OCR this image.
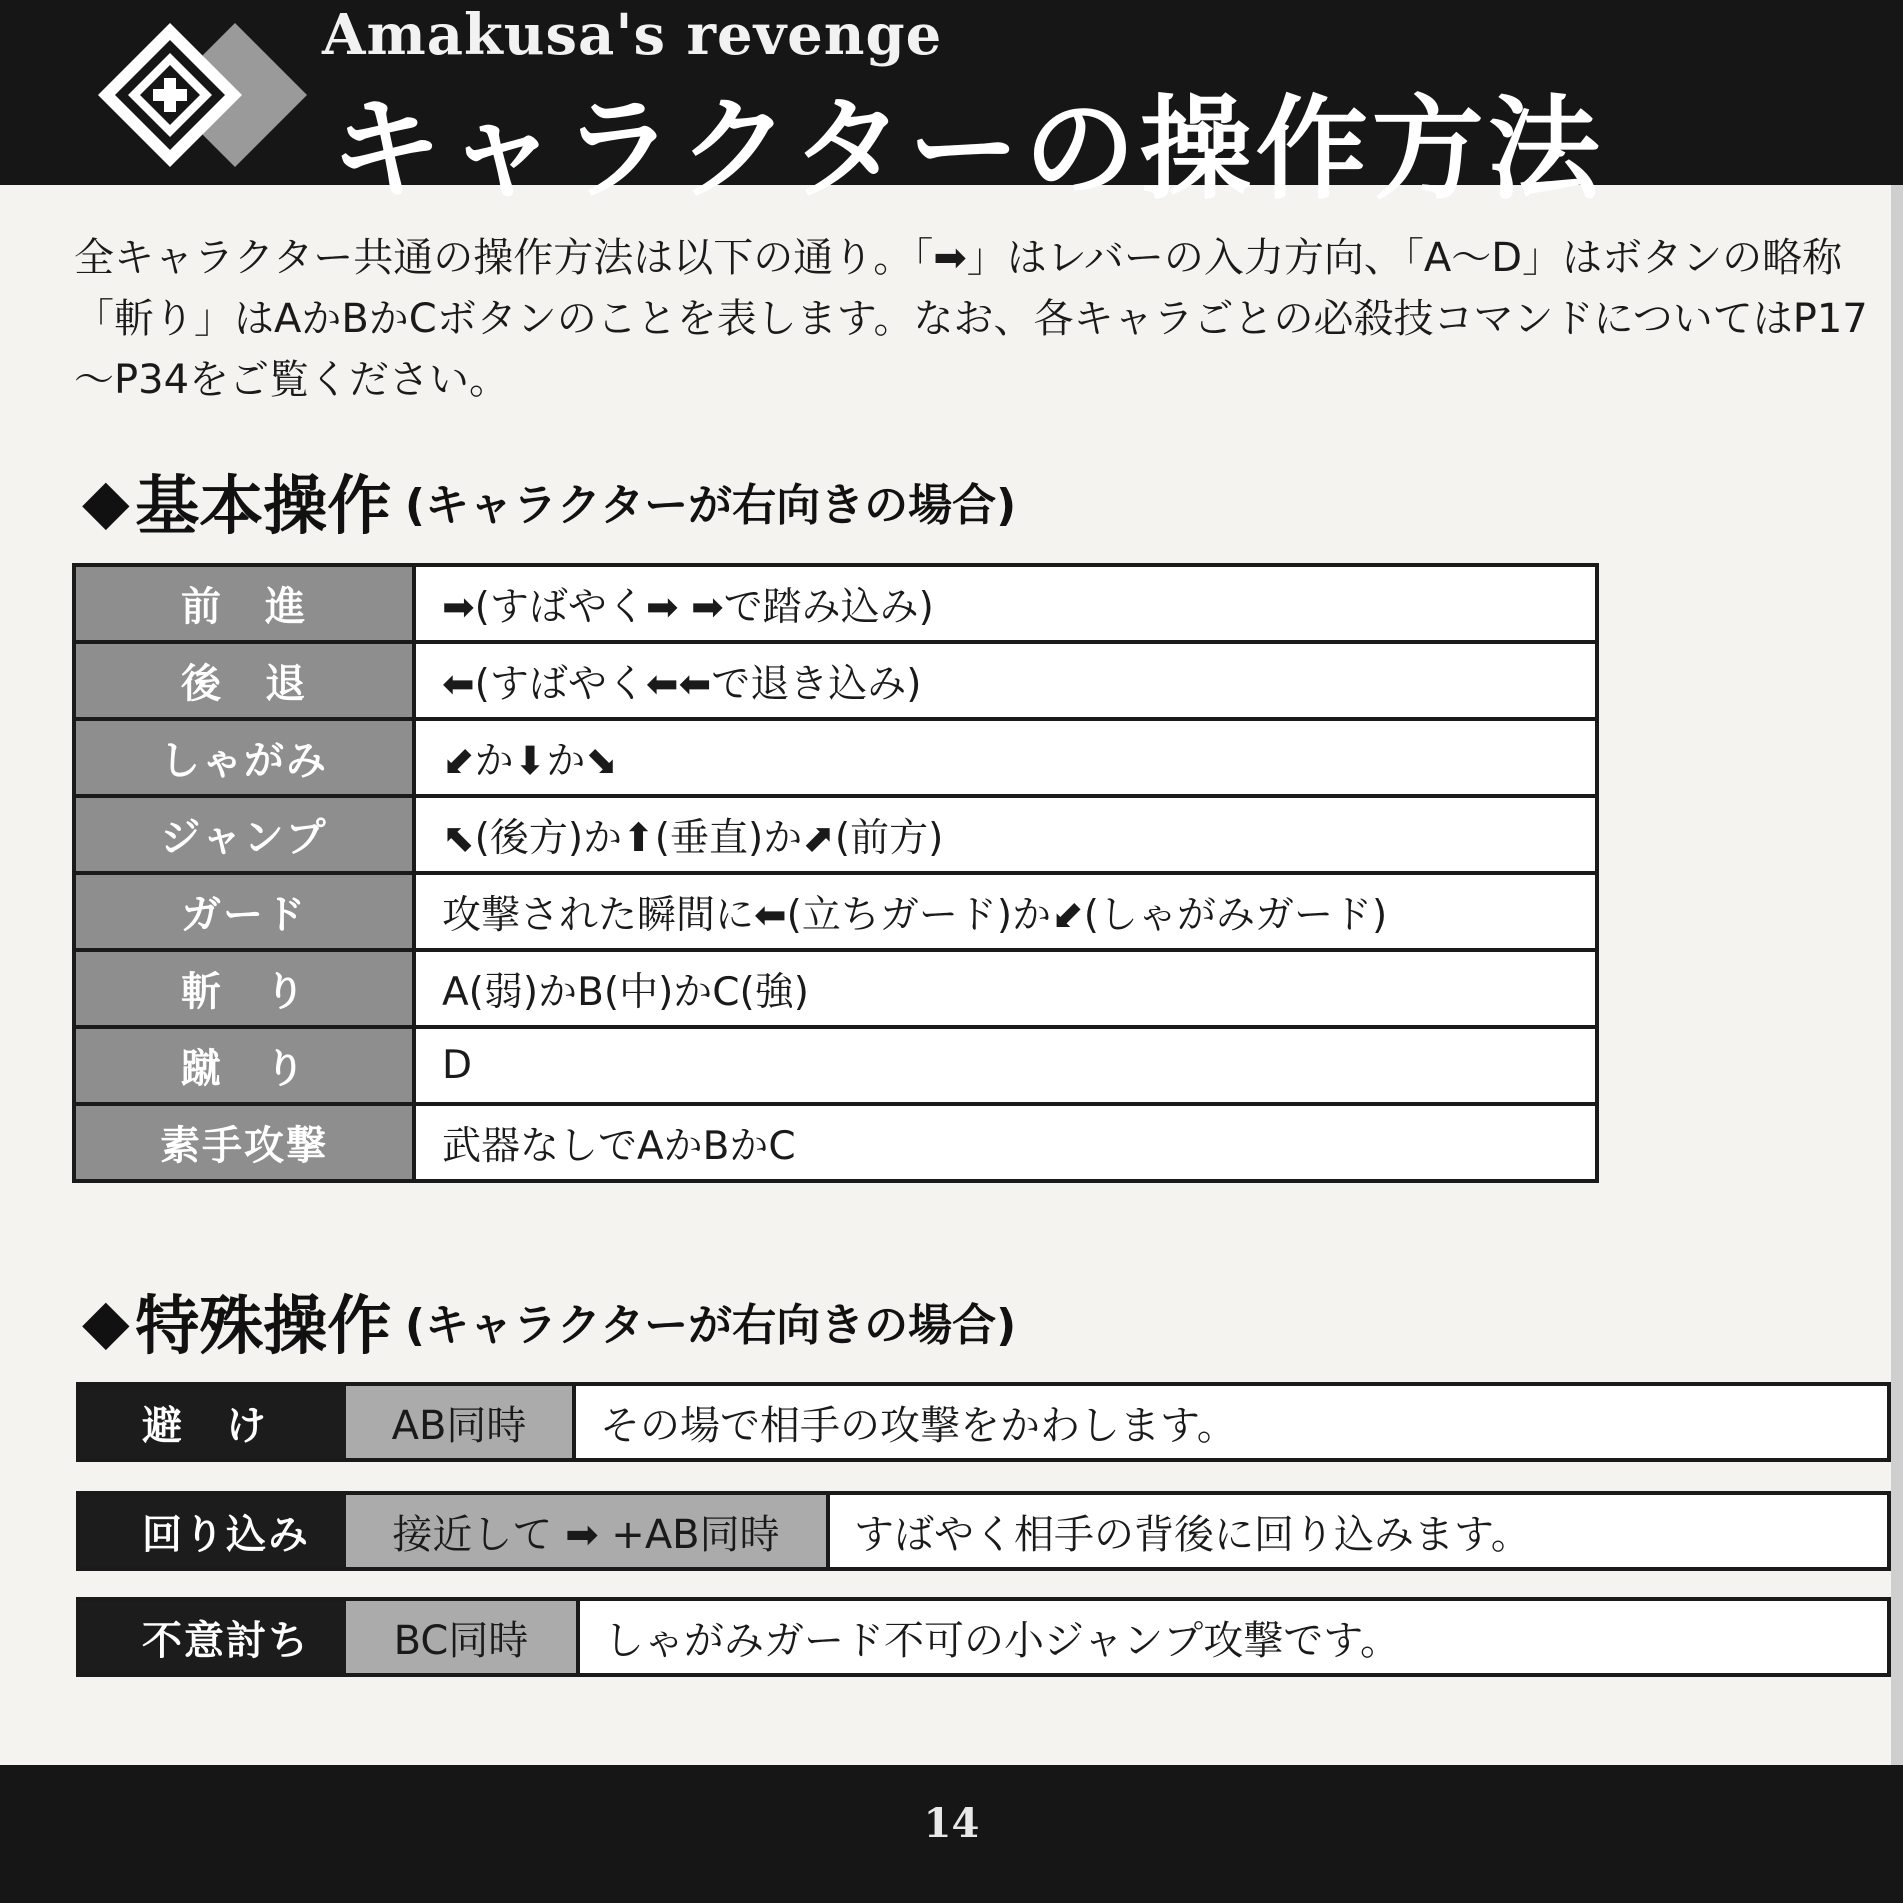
Amakusa's revenge
キャラクターの操作方法
全キャラクター共通の操作方法は以下の通り。「➡」はレバーの入力方向、「A〜D」はボタンの略称
「斬り」はAかBかCボタンのことを表します。なお、各キャラごとの必殺技コマンドについてはP17
〜P34をご覧ください。
◆ 基本操作 (キャラクターが右向きの場合)
前　進	➡(すばやく➡ ➡で踏み込み)
後　退	⬅(すばやく⬅⬅で退き込み)
しゃがみ	⬋か⬇か⬊
ジャンプ	⬉(後方)か⬆(垂直)か⬈(前方)
ガード	攻撃された瞬間に⬅(立ちガード)か⬋(しゃがみガード)
斬　り	A(弱)かB(中)かC(強)
蹴　り	D
素手攻撃	武器なしでAかBかC
◆ 特殊操作 (キャラクターが右向きの場合)
避　け	AB同時	その場で相手の攻撃をかわします。
回り込み	接近して ➡ +AB同時	すばやく相手の背後に回り込みます。
不意討ち	BC同時	しゃがみガード不可の小ジャンプ攻撃です。
14
